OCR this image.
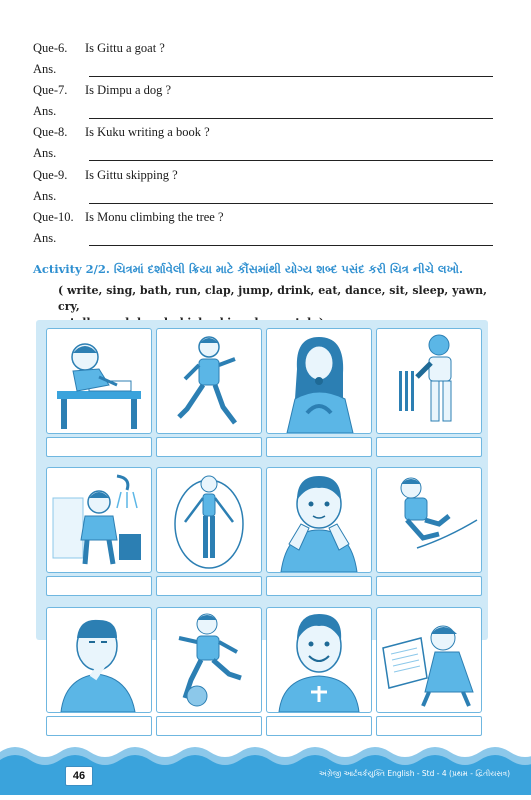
Que-6. Is Gittu a goat ?
Ans.
Que-7. Is Dimpu a dog ?
Ans.
Que-8. Is Kuku writing a book ?
Ans.
Que-9. Is Gittu skipping ?
Ans.
Que-10. Is Monu climbing the tree ?
Ans.
Activity 2/2. ચિત્રમાં દર્શાવેલી ક્રિયા માટે કૌંસમાંથી યોગ્ય શબ્દ પસંદ કરી ચિત્ર નીચે લખો.
( write, sing, bath, run, clap, jump, drink, eat, dance, sit, sleep, yawn, cry,
46	અંગ્રેજી આર્ટવર્કયુક્તિ English - Std - 4 (પ્રથમ - દ્વિતીયસત્ર)
